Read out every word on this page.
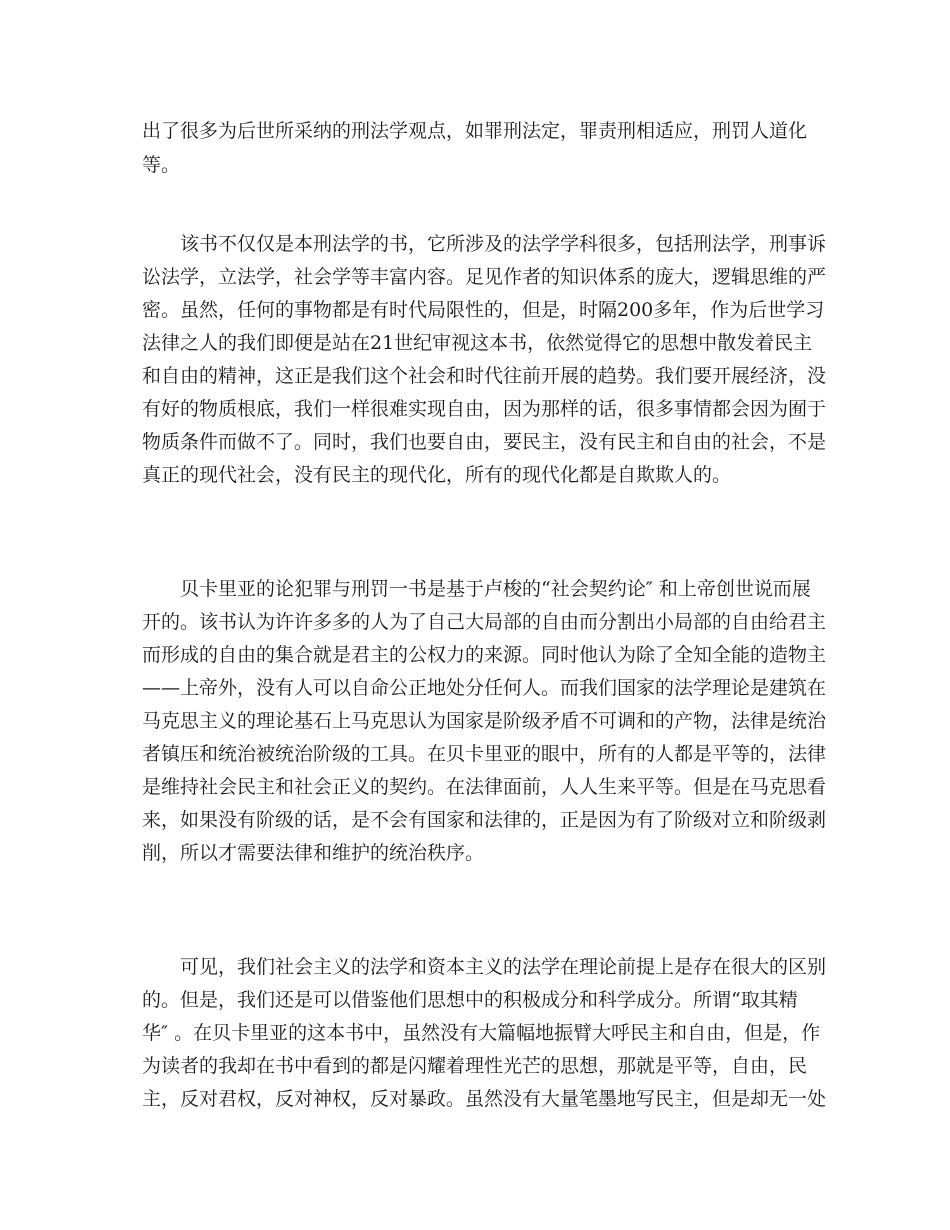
出了很多为后世所采纳的刑法学观点，如罪刑法定，罪责刑相适应，刑罚人道化
等。
该书不仅仅是本刑法学的书，它所涉及的法学学科很多，包括刑法学，刑事诉
讼法学，立法学，社会学等丰富内容。足见作者的知识体系的庞大，逻辑思维的严
密。虽然，任何的事物都是有时代局限性的，但是，时隔200多年，作为后世学习
法律之人的我们即便是站在21世纪审视这本书，依然觉得它的思想中散发着民主
和自由的精神，这正是我们这个社会和时代往前开展的趋势。我们要开展经济，没
有好的物质根底，我们一样很难实现自由，因为那样的话，很多事情都会因为囿于
物质条件而做不了。同时，我们也要自由，要民主，没有民主和自由的社会，不是
真正的现代社会，没有民主的现代化，所有的现代化都是自欺欺人的。
贝卡里亚的论犯罪与刑罚一书是基于卢梭的“社会契约论″ 和上帝创世说而展
开的。该书认为许许多多的人为了自己大局部的自由而分割出小局部的自由给君主
而形成的自由的集合就是君主的公权力的来源。同时他认为除了全知全能的造物主
——上帝外，没有人可以自命公正地处分任何人。而我们国家的法学理论是建筑在
马克思主义的理论基石上马克思认为国家是阶级矛盾不可调和的产物，法律是统治
者镇压和统治被统治阶级的工具。在贝卡里亚的眼中，所有的人都是平等的，法律
是维持社会民主和社会正义的契约。在法律面前，人人生来平等。但是在马克思看
来，如果没有阶级的话，是不会有国家和法律的，正是因为有了阶级对立和阶级剥
削，所以才需要法律和维护的统治秩序。
可见，我们社会主义的法学和资本主义的法学在理论前提上是存在很大的区别
的。但是，我们还是可以借鉴他们思想中的积极成分和科学成分。所谓“取其精
华″ 。在贝卡里亚的这本书中，虽然没有大篇幅地振臂大呼民主和自由，但是，作
为读者的我却在书中看到的都是闪耀着理性光芒的思想，那就是平等，自由，民
主，反对君权，反对神权，反对暴政。虽然没有大量笔墨地写民主，但是却无一处
